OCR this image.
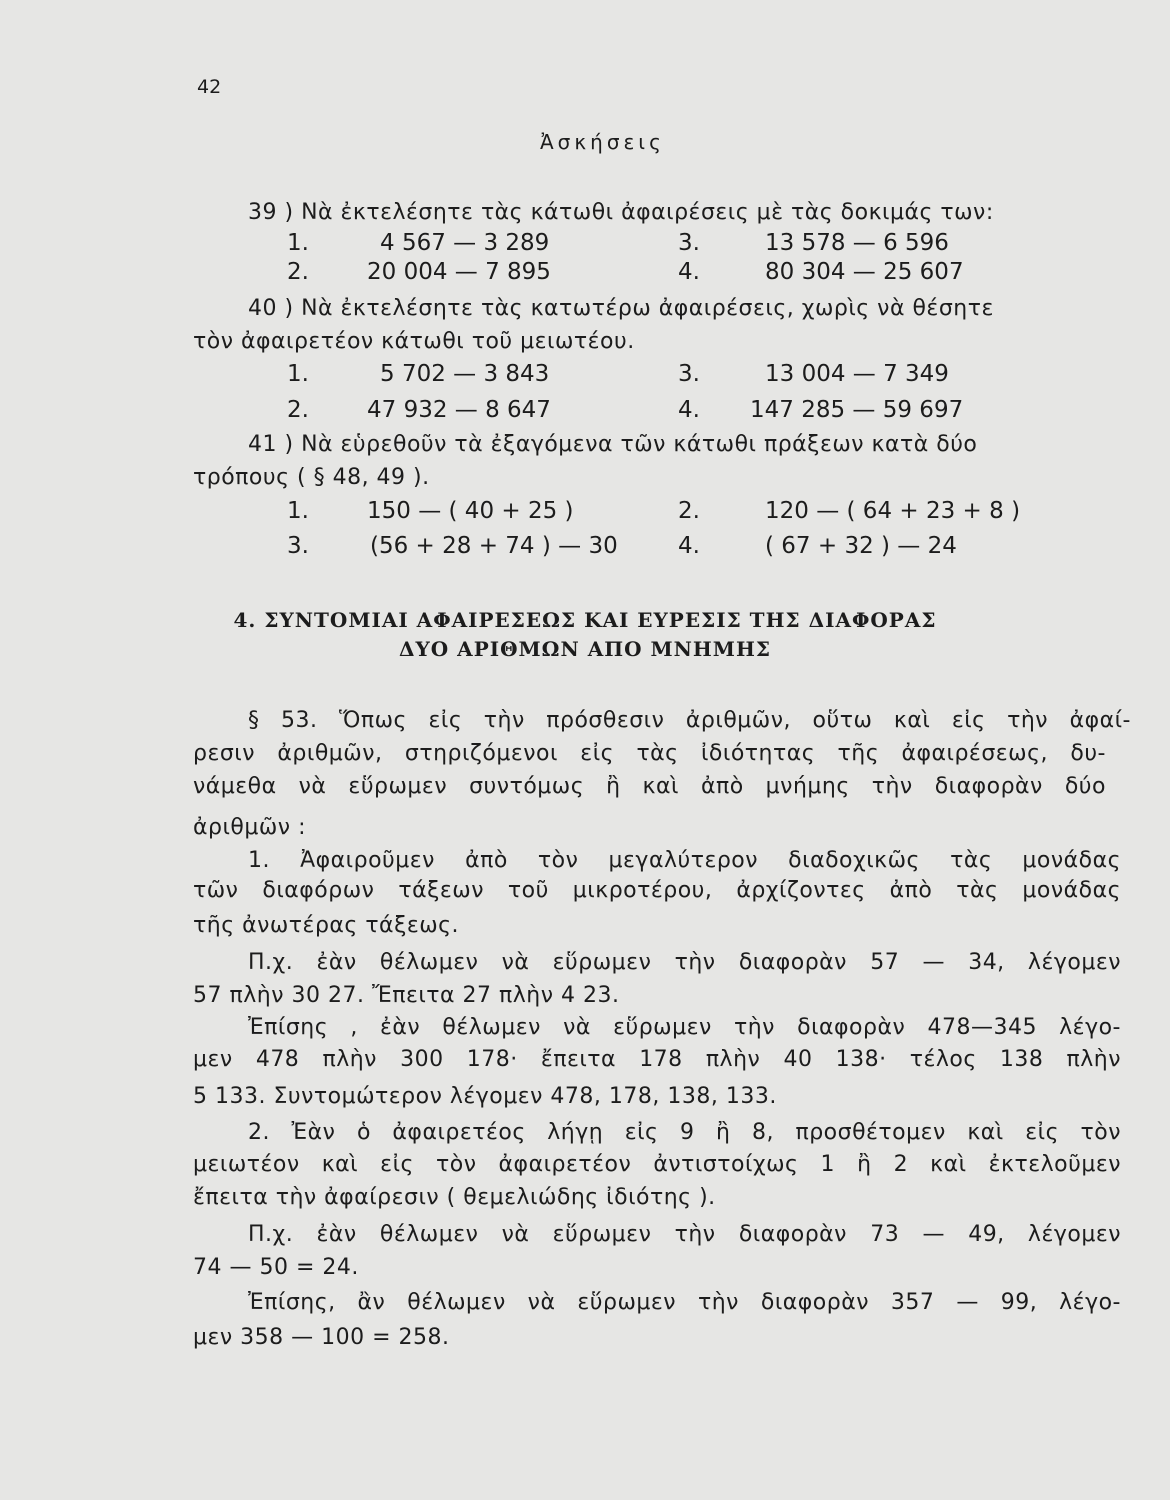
42
Ἀσκήσεις
39 ) Νὰ ἐκτελέσητε τὰς κάτωθι ἀφαιρέσεις μὲ τὰς δοκιμάς των:
1.	4 567 — 3 289	3.	13 578 — 6 596
2.	20 004 — 7 895	4.	80 304 — 25 607
40 ) Νὰ ἐκτελέσητε τὰς κατωτέρω ἀφαιρέσεις, χωρὶς νὰ θέσητε
τὸν ἀφαιρετέον κάτωθι τοῦ μειωτέου.
1.	5 702 — 3 843	3.	13 004 — 7 349
2.	47 932 — 8 647	4. 147 285 — 59 697
41 ) Νὰ εὑρεθοῦν τὰ ἐξαγόμενα τῶν κάτωθι πράξεων κατὰ δύο
τρόπους ( § 48, 49 ).
1.	150 — ( 40 + 25 )	2.	120 — ( 64 + 23 + 8 )
3.	(56 + 28 + 74 ) — 30	4.	( 67 + 32 ) — 24
4. ΣΥΝΤΟΜΙΑΙ ΑΦΑΙΡΕΣΕΩΣ ΚΑΙ ΕΥΡΕΣΙΣ ΤΗΣ ΔΙΑΦΟΡΑΣ
ΔΥΟ ΑΡΙΘΜΩΝ ΑΠΟ ΜΝΗΜΗΣ
§ 53. Ὅπως εἰς τὴν πρόσθεσιν ἀριθμῶν, οὕτω καὶ εἰς τὴν ἀφαί-
ρεσιν ἀριθμῶν, στηριζόμενοι εἰς τὰς ἰδιότητας τῆς ἀφαιρέσεως, δυ-
νάμεθα νὰ εὕρωμεν συντόμως ἢ καὶ ἀπὸ μνήμης τὴν διαφορὰν δύο
ἀριθμῶν :
1. Ἀφαιροῦμεν ἀπὸ τὸν μεγαλύτερον διαδοχικῶς τὰς μονάδας
τῶν διαφόρων τάξεων τοῦ μικροτέρου, ἀρχίζοντες ἀπὸ τὰς μονάδας
τῆς ἀνωτέρας τάξεως.
Π.χ. ἐὰν θέλωμεν νὰ εὕρωμεν τὴν διαφορὰν 57 — 34, λέγομεν
57 πλὴν 30 27. Ἔπειτα 27 πλὴν 4 23.
Ἐπίσης , ἐὰν θέλωμεν νὰ εὕρωμεν τὴν διαφορὰν 478—345 λέγο-
μεν 478 πλὴν 300 178· ἔπειτα 178 πλὴν 40 138· τέλος 138 πλὴν
5 133. Συντομώτερον λέγομεν 478, 178, 138, 133.
2. Ἐὰν ὁ ἀφαιρετέος λήγῃ εἰς 9 ἢ 8, προσθέτομεν καὶ εἰς τὸν
μειωτέον καὶ εἰς τὸν ἀφαιρετέον ἀντιστοίχως 1 ἢ 2 καὶ ἐκτελοῦμεν
ἔπειτα τὴν ἀφαίρεσιν ( θεμελιώδης ἰδιότης ).
Π.χ. ἐὰν θέλωμεν νὰ εὕρωμεν τὴν διαφορὰν 73 — 49, λέγομεν
74 — 50 = 24.
Ἐπίσης, ἂν θέλωμεν νὰ εὕρωμεν τὴν διαφορὰν 357 — 99, λέγο-
μεν 358 — 100 = 258.
